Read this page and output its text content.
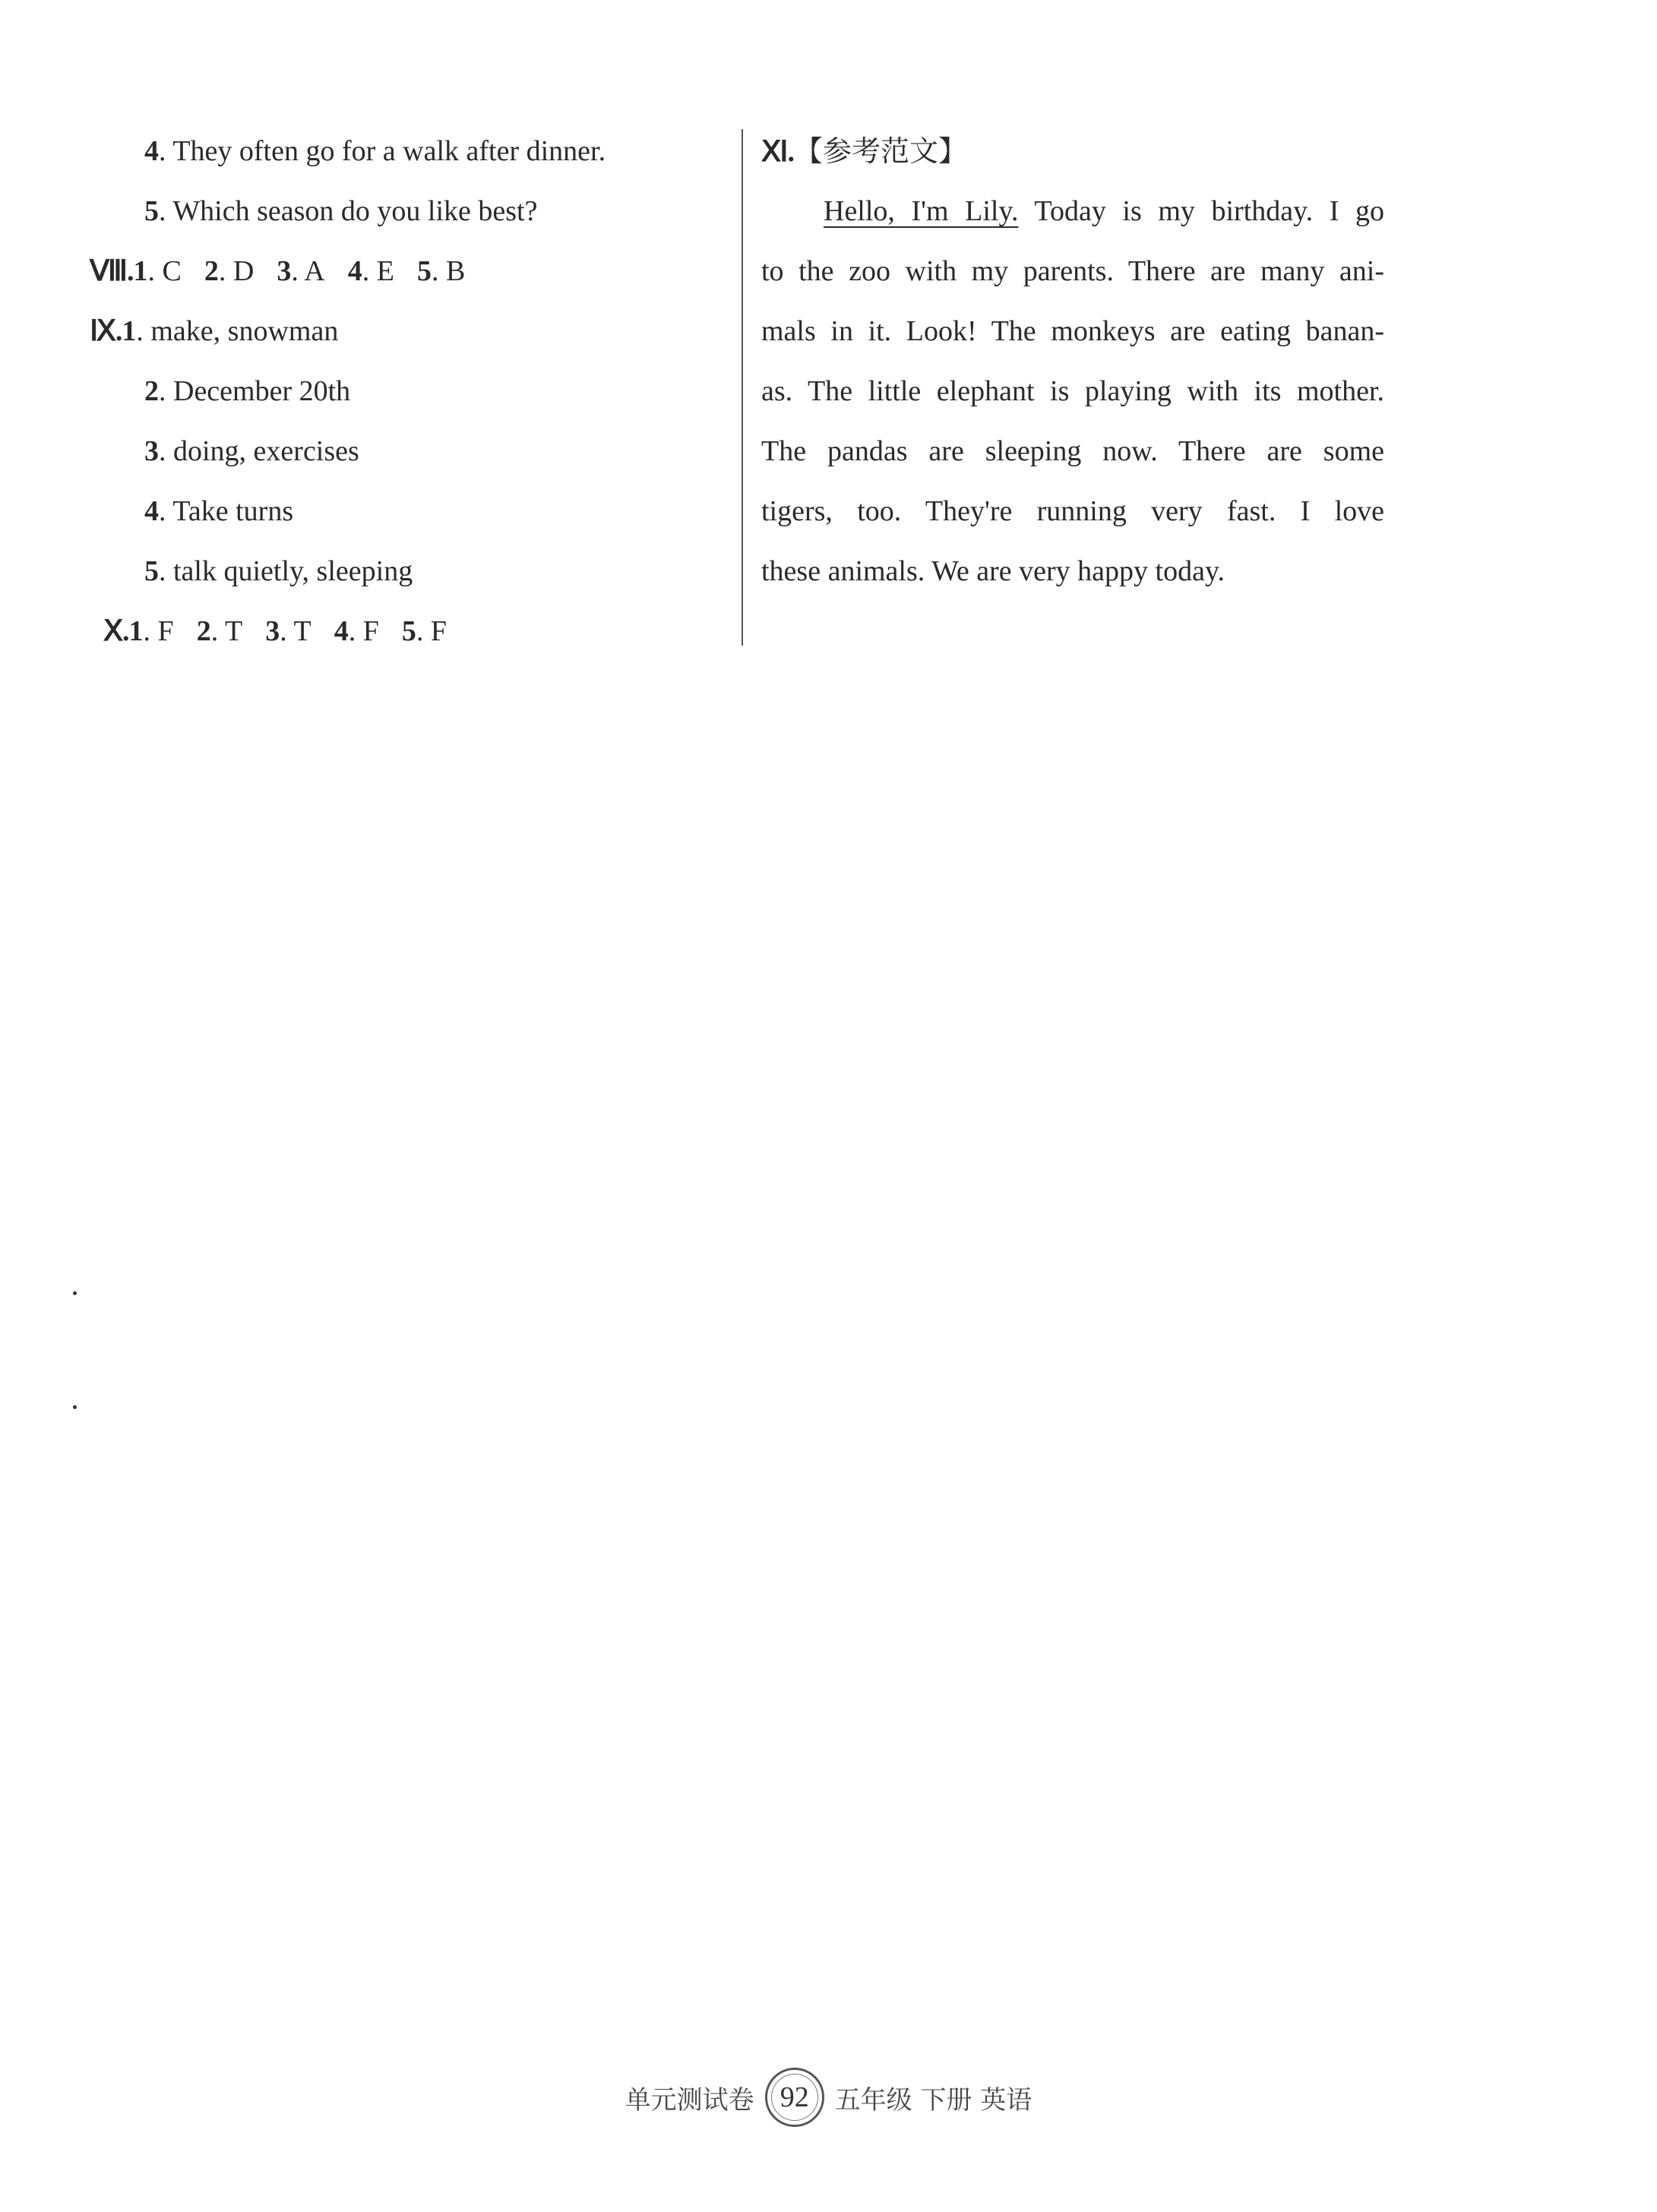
4. They often go for a walk after dinner.
5. Which season do you like best?
Ⅷ.1. C 2. D 3. A 4. E 5. B
Ⅸ.1. make, snowman
2. December 20th
3. doing, exercises
4. Take turns
5. talk quietly, sleeping
Ⅹ.1. F 2. T 3. T 4. F 5. F
Ⅺ.【参考范文】
Hello, I'm Lily. Today is my birthday. I go
to the zoo with my parents. There are many ani-
mals in it. Look! The monkeys are eating banan-
as. The little elephant is playing with its mother.
The pandas are sleeping now. There are some
tigers, too. They're running very fast. I love
these animals. We are very happy today.
单元测试卷 92 五年级 下册 英语
